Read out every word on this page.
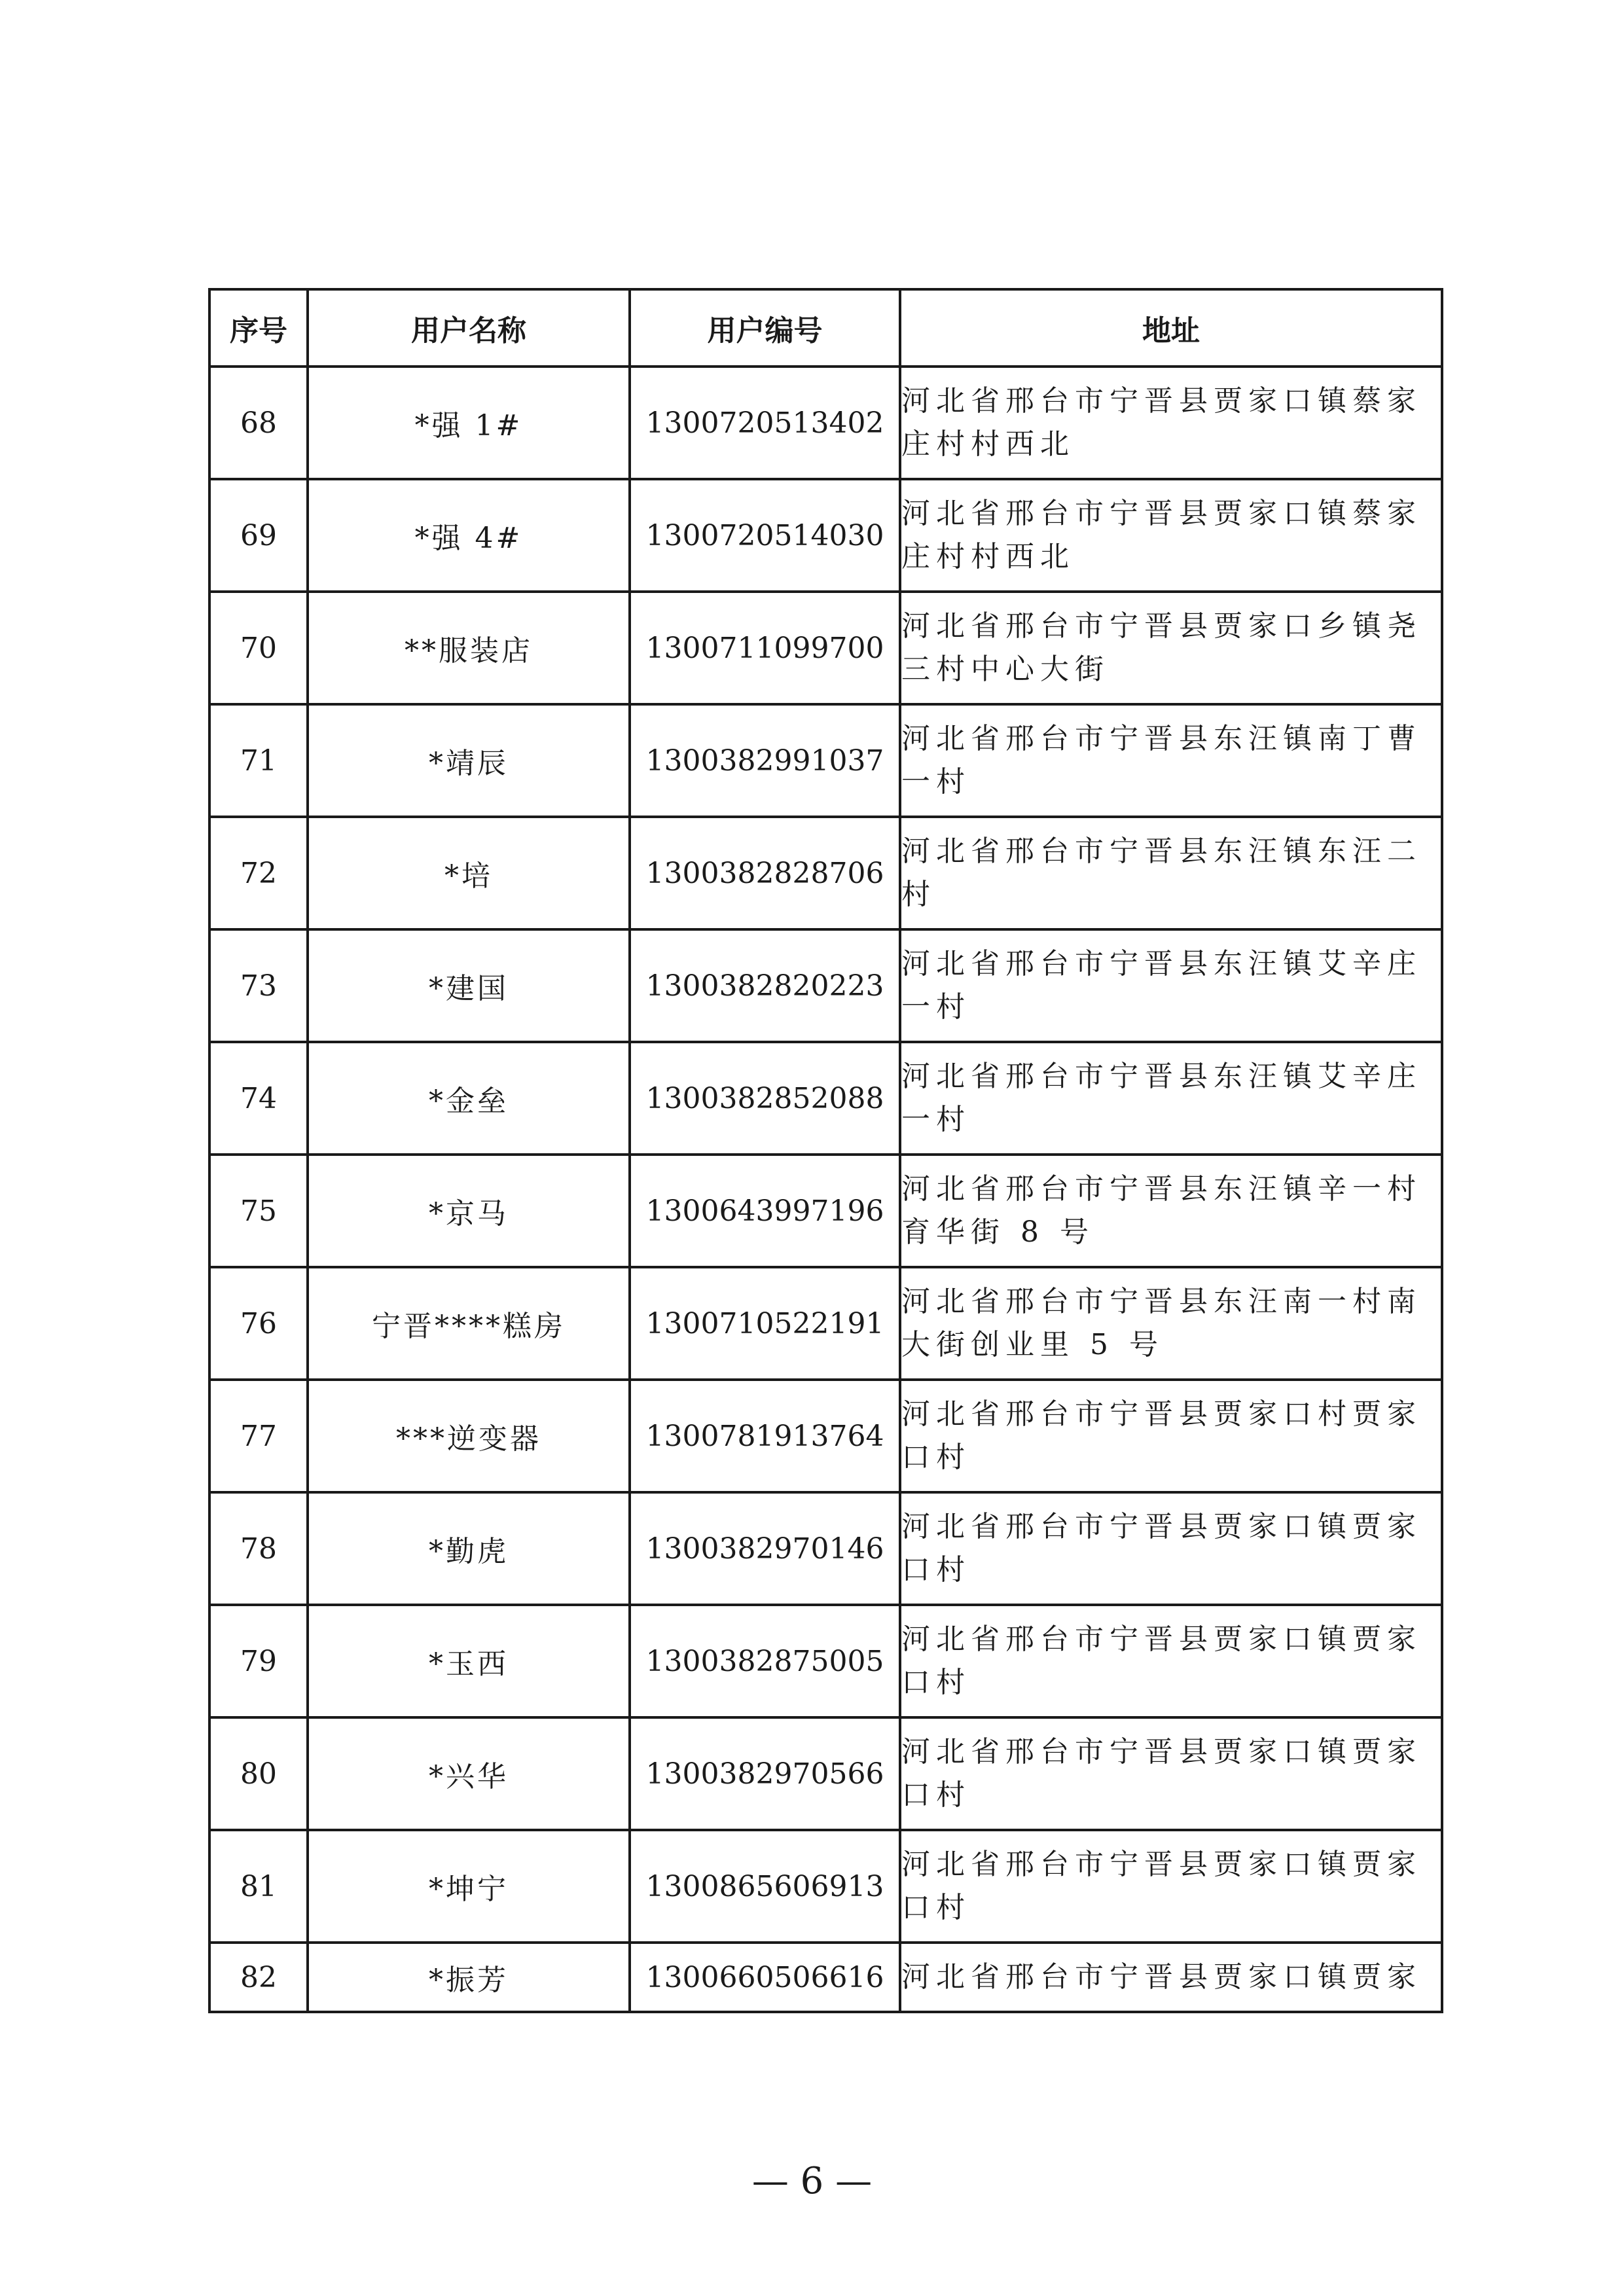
序号	用户名称	用户编号	地址
68	*强 1#	1300720513402	河北省邢台市宁晋县贾家口镇蔡家庄村村西北
69	*强 4#	1300720514030	河北省邢台市宁晋县贾家口镇蔡家庄村村西北
70	**服装店	1300711099700	河北省邢台市宁晋县贾家口乡镇尧三村中心大街
71	*靖辰	1300382991037	河北省邢台市宁晋县东汪镇南丁曹一村
72	*培	1300382828706	河北省邢台市宁晋县东汪镇东汪二村
73	*建国	1300382820223	河北省邢台市宁晋县东汪镇艾辛庄一村
74	*金垒	1300382852088	河北省邢台市宁晋县东汪镇艾辛庄一村
75	*京马	1300643997196	河北省邢台市宁晋县东汪镇辛一村育华街 8 号
76	宁晋****糕房	1300710522191	河北省邢台市宁晋县东汪南一村南大街创业里 5 号
77	***逆变器	1300781913764	河北省邢台市宁晋县贾家口村贾家口村
78	*勤虎	1300382970146	河北省邢台市宁晋县贾家口镇贾家口村
79	*玉西	1300382875005	河北省邢台市宁晋县贾家口镇贾家口村
80	*兴华	1300382970566	河北省邢台市宁晋县贾家口镇贾家口村
81	*坤宁	1300865606913	河北省邢台市宁晋县贾家口镇贾家口村
82	*振芳	1300660506616	河北省邢台市宁晋县贾家口镇贾家
— 6 —
